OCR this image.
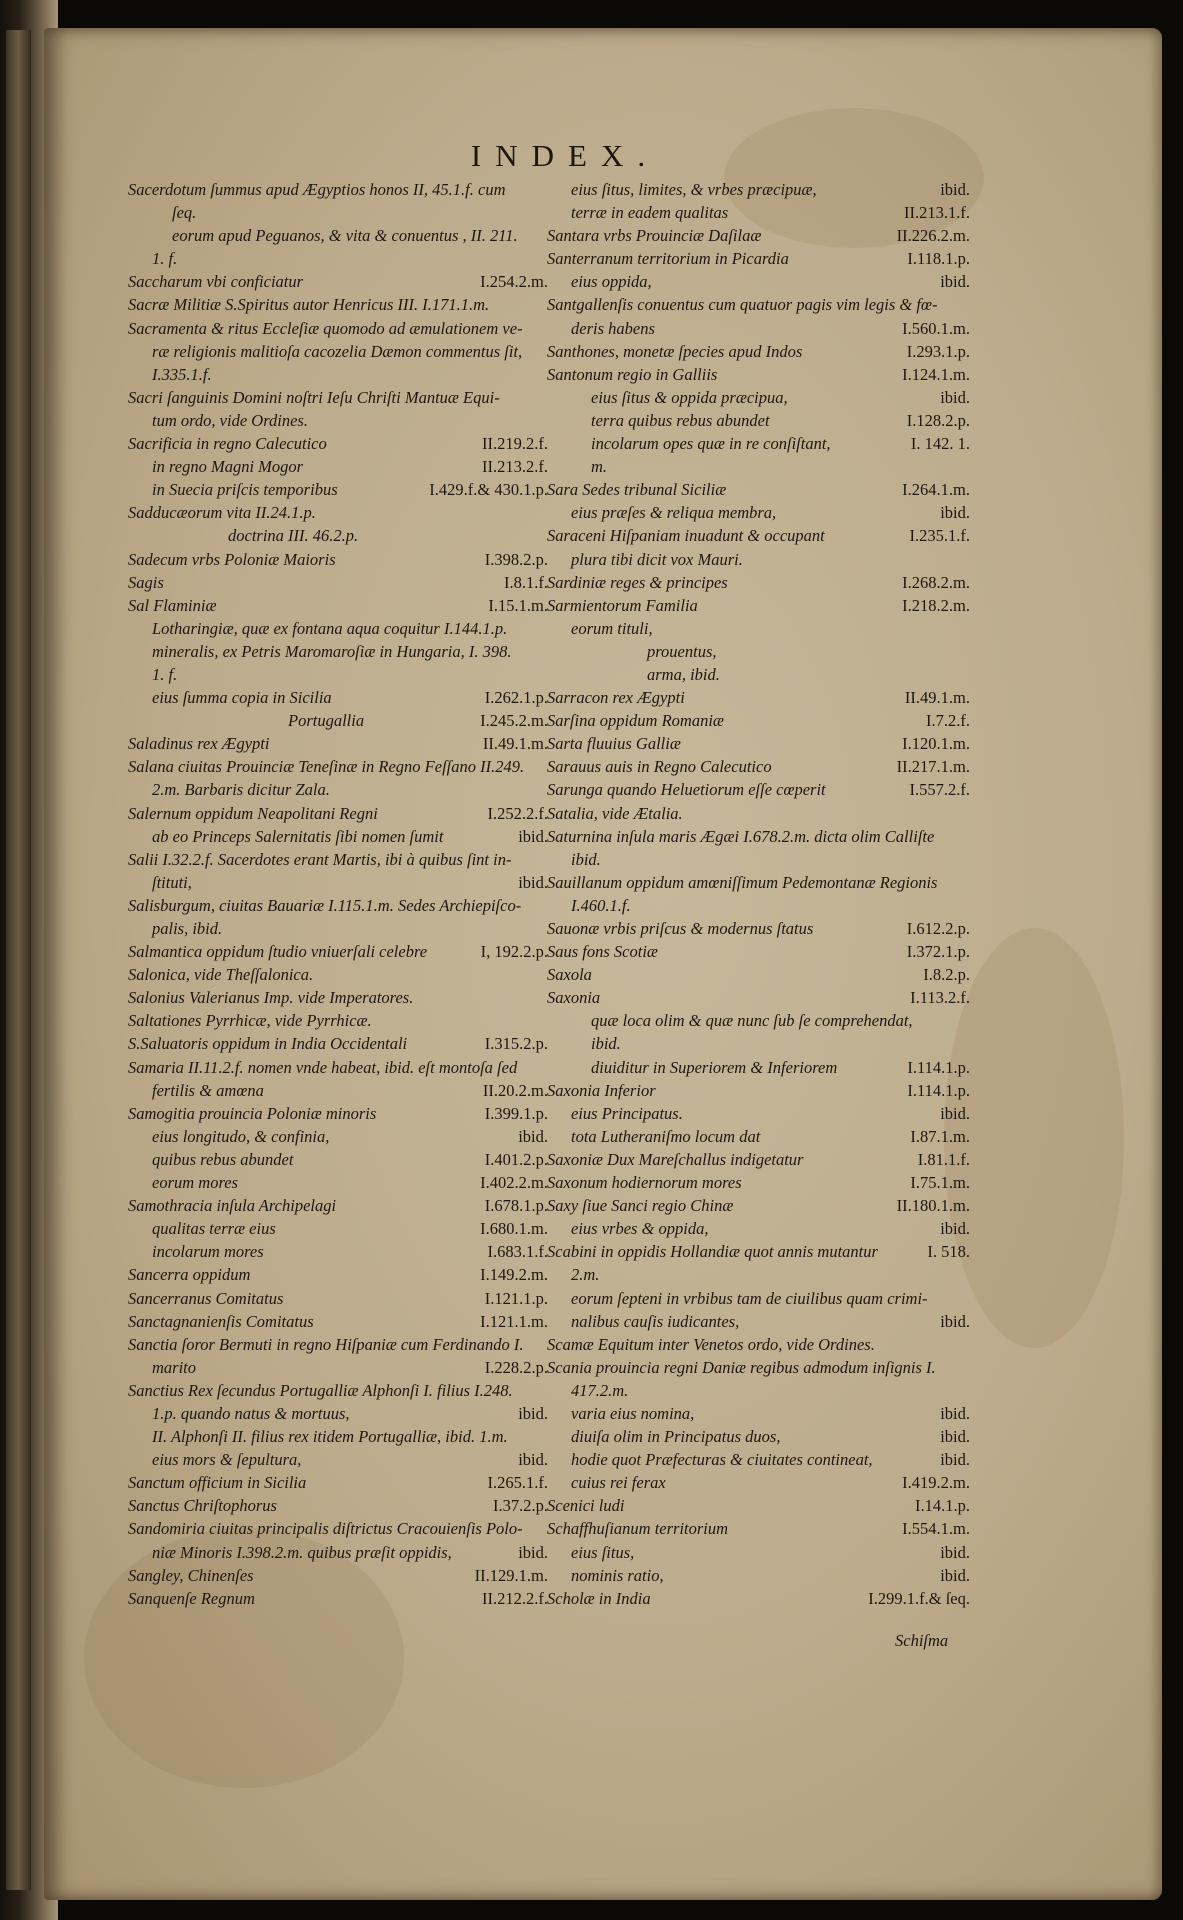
INDEX.
Sacerdotum ſummus apud Ægyptios honos II, 45.1.f. cum
ſeq.
eorum apud Peguanos, & vita & conuentus , II. 211.
1. f.
Saccharum vbi conficiatur	I.254.2.m.
Sacræ Militiæ S.Spiritus autor Henricus III. I.171.1.m.
Sacramenta & ritus Eccleſiæ quomodo ad æmulationem ve-
ræ religionis malitioſa cacozelia Dæmon commentus ſit,
I.335.1.f.
Sacri ſanguinis Domini noſtri Ieſu Chriſti Mantuæ Equi-
tum ordo, vide Ordines.
Sacrificia in regno Calecutico	II.219.2.f.
in regno Magni Mogor	II.213.2.f.
in Suecia priſcis temporibus	I.429.f.& 430.1.p.
Sadducæorum vita II.24.1.p.
doctrina III. 46.2.p.
Sadecum vrbs Poloniæ Maioris	I.398.2.p.
Sagis	I.8.1.f.
Sal Flaminiæ	I.15.1.m.
Lotharingiæ, quæ ex fontana aqua coquitur I.144.1.p.
mineralis, ex Petris Maromaroſiæ in Hungaria, I. 398.
1. f.
eius ſumma copia in Sicilia	I.262.1.p.
Portugallia	I.245.2.m.
Saladinus rex Ægypti	II.49.1.m.
Salana ciuitas Prouinciæ Teneſinæ in Regno Feſſano II.249.
2.m. Barbaris dicitur Zala.
Salernum oppidum Neapolitani Regni	I.252.2.f.
ab eo Princeps Salernitatis ſibi nomen ſumit	ibid.
Salii I.32.2.f. Sacerdotes erant Martis, ibi à quibus ſint in-
ſtituti,	ibid.
Salisburgum, ciuitas Bauariæ I.115.1.m. Sedes Archiepiſco-
palis, ibid.
Salmantica oppidum ſtudio vniuerſali celebre	I, 192.2.p.
Salonica, vide Theſſalonica.
Salonius Valerianus Imp. vide Imperatores.
Saltationes Pyrrhicæ, vide Pyrrhicæ.
S.Saluatoris oppidum in India Occidentali	I.315.2.p.
Samaria II.11.2.f. nomen vnde habeat, ibid. eſt montoſa ſed
fertilis & amœna	II.20.2.m.
Samogitia prouincia Poloniæ minoris	I.399.1.p.
eius longitudo, & confinia,	ibid.
quibus rebus abundet	I.401.2.p.
eorum mores	I.402.2.m.
Samothracia inſula Archipelagi	I.678.1.p.
qualitas terræ eius	I.680.1.m.
incolarum mores	I.683.1.f.
Sancerra oppidum	I.149.2.m.
Sancerranus Comitatus	I.121.1.p.
Sanctagnanienſis Comitatus	I.121.1.m.
Sanctia ſoror Bermuti in regno Hiſpaniæ cum Ferdinando I.
marito	I.228.2.p.
Sanctius Rex ſecundus Portugalliæ Alphonſi I. filius I.248.
1.p. quando natus & mortuus,	ibid.
II. Alphonſi II. filius rex itidem Portugalliæ, ibid. 1.m.
eius mors & ſepultura,	ibid.
Sanctum officium in Sicilia	I.265.1.f.
Sanctus Chriſtophorus	I.37.2.p.
Sandomiria ciuitas principalis diſtrictus Cracouienſis Polo-
niæ Minoris I.398.2.m. quibus præſit oppidis,	ibid.
Sangley, Chinenſes	II.129.1.m.
Sanquenſe Regnum	II.212.2.f.
eius ſitus, limites, & vrbes præcipuæ,	ibid.
terræ in eadem qualitas	II.213.1.f.
Santara vrbs Prouinciæ Daſilaæ	II.226.2.m.
Santerranum territorium in Picardia	I.118.1.p.
eius oppida,	ibid.
Santgallenſis conuentus cum quatuor pagis vim legis & fœ-
deris habens	I.560.1.m.
Santhones, monetæ ſpecies apud Indos	I.293.1.p.
Santonum regio in Galliis	I.124.1.m.
eius ſitus & oppida præcipua,	ibid.
terra quibus rebus abundet	I.128.2.p.
incolarum opes quæ in re conſiſtant,	I. 142. 1.
m.
Sara Sedes tribunal Siciliæ	I.264.1.m.
eius præſes & reliqua membra,	ibid.
Saraceni Hiſpaniam inuadunt & occupant	I.235.1.f.
plura tibi dicit vox Mauri.
Sardiniæ reges & principes	I.268.2.m.
Sarmientorum Familia	I.218.2.m.
eorum tituli,
prouentus,
arma, ibid.
Sarracon rex Ægypti	II.49.1.m.
Sarſina oppidum Romaniæ	I.7.2.f.
Sarta fluuius Galliæ	I.120.1.m.
Sarauus auis in Regno Calecutico	II.217.1.m.
Sarunga quando Heluetiorum eſſe cœperit	I.557.2.f.
Satalia, vide Ætalia.
Saturnina inſula maris Ægæi I.678.2.m. dicta olim Calliſte
ibid.
Sauillanum oppidum amœniſſimum Pedemontanæ Regionis
I.460.1.f.
Sauonæ vrbis priſcus & modernus ſtatus	I.612.2.p.
Saus fons Scotiæ	I.372.1.p.
Saxola	I.8.2.p.
Saxonia	I.113.2.f.
quæ loca olim & quæ nunc ſub ſe comprehendat,
ibid.
diuiditur in Superiorem & Inferiorem	I.114.1.p.
Saxonia Inferior	I.114.1.p.
eius Principatus.	ibid.
tota Lutheraniſmo locum dat	I.87.1.m.
Saxoniæ Dux Mareſchallus indigetatur	I.81.1.f.
Saxonum hodiernorum mores	I.75.1.m.
Saxy ſiue Sanci regio Chinæ	II.180.1.m.
eius vrbes & oppida,	ibid.
Scabini in oppidis Hollandiæ quot annis mutantur	I. 518.
2.m.
eorum ſepteni in vrbibus tam de ciuilibus quam crimi-
nalibus cauſis iudicantes,	ibid.
Scamæ Equitum inter Venetos ordo, vide Ordines.
Scania prouincia regni Daniæ regibus admodum inſignis I.
417.2.m.
varia eius nomina,	ibid.
diuiſa olim in Principatus duos,	ibid.
hodie quot Præfecturas & ciuitates contineat,	ibid.
cuius rei ferax	I.419.2.m.
Scenici ludi	I.14.1.p.
Schaffhuſianum territorium	I.554.1.m.
eius ſitus,	ibid.
nominis ratio,	ibid.
Scholæ in India	I.299.1.f.& ſeq.
Schiſma
